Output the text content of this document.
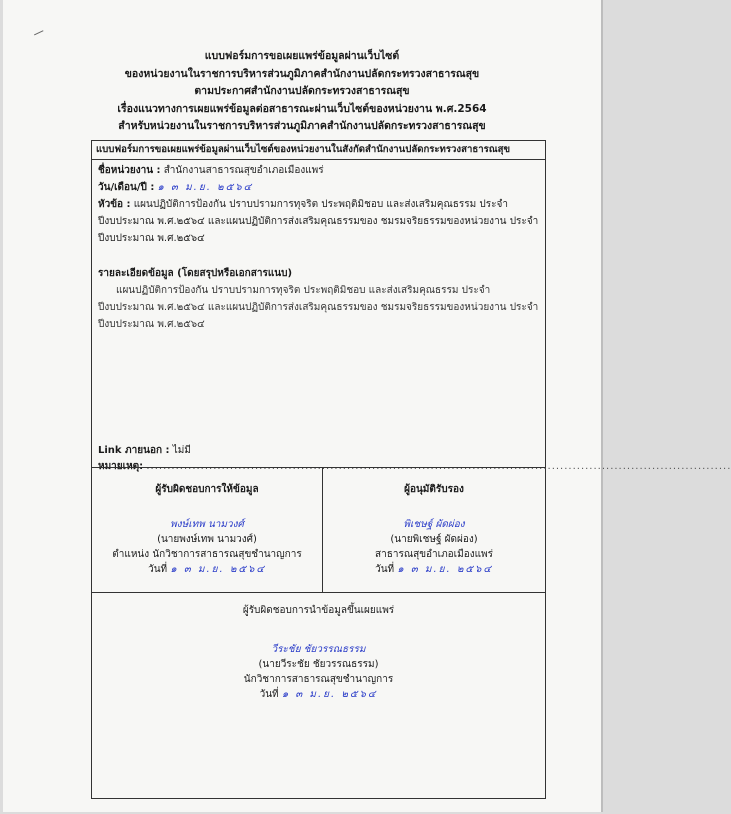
แบบฟอร์มการขอเผยแพร่ข้อมูลผ่านเว็บไซต์
ของหน่วยงานในราชการบริหารส่วนภูมิภาคสำนักงานปลัดกระทรวงสาธารณสุข
ตามประกาศสำนักงานปลัดกระทรวงสาธารณสุข
เรื่องแนวทางการเผยแพร่ข้อมูลต่อสาธารณะผ่านเว็บไซต์ของหน่วยงาน พ.ศ.2564
สำหรับหน่วยงานในราชการบริหารส่วนภูมิภาคสำนักงานปลัดกระทรวงสาธารณสุข
แบบฟอร์มการขอเผยแพร่ข้อมูลผ่านเว็บไซต์ของหน่วยงานในสังกัดสำนักงานปลัดกระทรวงสาธารณสุข
ชื่อหน่วยงาน : สำนักงานสาธารณสุขอำเภอเมืองแพร่
วัน/เดือน/ปี : ๑ ๓ ม.ย. ๒๕๖๔
หัวข้อ : แผนปฏิบัติการป้องกัน ปราบปรามการทุจริต ประพฤติมิชอบ และส่งเสริมคุณธรรม ประจำปีงบประมาณ พ.ศ.๒๕๖๔ และแผนปฏิบัติการส่งเสริมคุณธรรมของ ชมรมจริยธรรมของหน่วยงาน ประจำปีงบประมาณ พ.ศ.๒๕๖๔
รายละเอียดข้อมูล (โดยสรุปหรือเอกสารแนบ)
แผนปฏิบัติการป้องกัน ปราบปรามการทุจริต ประพฤติมิชอบ และส่งเสริมคุณธรรม ประจำปีงบประมาณ พ.ศ.๒๕๖๔ และแผนปฏิบัติการส่งเสริมคุณธรรมของ ชมรมจริยธรรมของหน่วยงาน ประจำปีงบประมาณ พ.ศ.๒๕๖๔
Link ภายนอก : ไม่มี
หมายเหตุ: ............................................................................................................................................
ผู้รับผิดชอบการให้ข้อมูล
พงษ์เทพ นามวงศ์
(นายพงษ์เทพ นามวงศ์)
ตำแหน่ง นักวิชาการสาธารณสุขชำนาญการ
วันที่ ๑ ๓ ม.ย. ๒๕๖๔
ผู้อนุมัติรับรอง
พิเชษฐ์ ผัดผ่อง
(นายพิเชษฐ์ ผัดผ่อง)
สาธารณสุขอำเภอเมืองแพร่
วันที่ ๑ ๓ ม.ย. ๒๕๖๔
ผู้รับผิดชอบการนำข้อมูลขึ้นเผยแพร่
วีระชัย ชัยวรรณธรรม
(นายวีระชัย ชัยวรรณธรรม)
นักวิชาการสาธารณสุขชำนาญการ
วันที่ ๑ ๓ ม.ย. ๒๕๖๔
